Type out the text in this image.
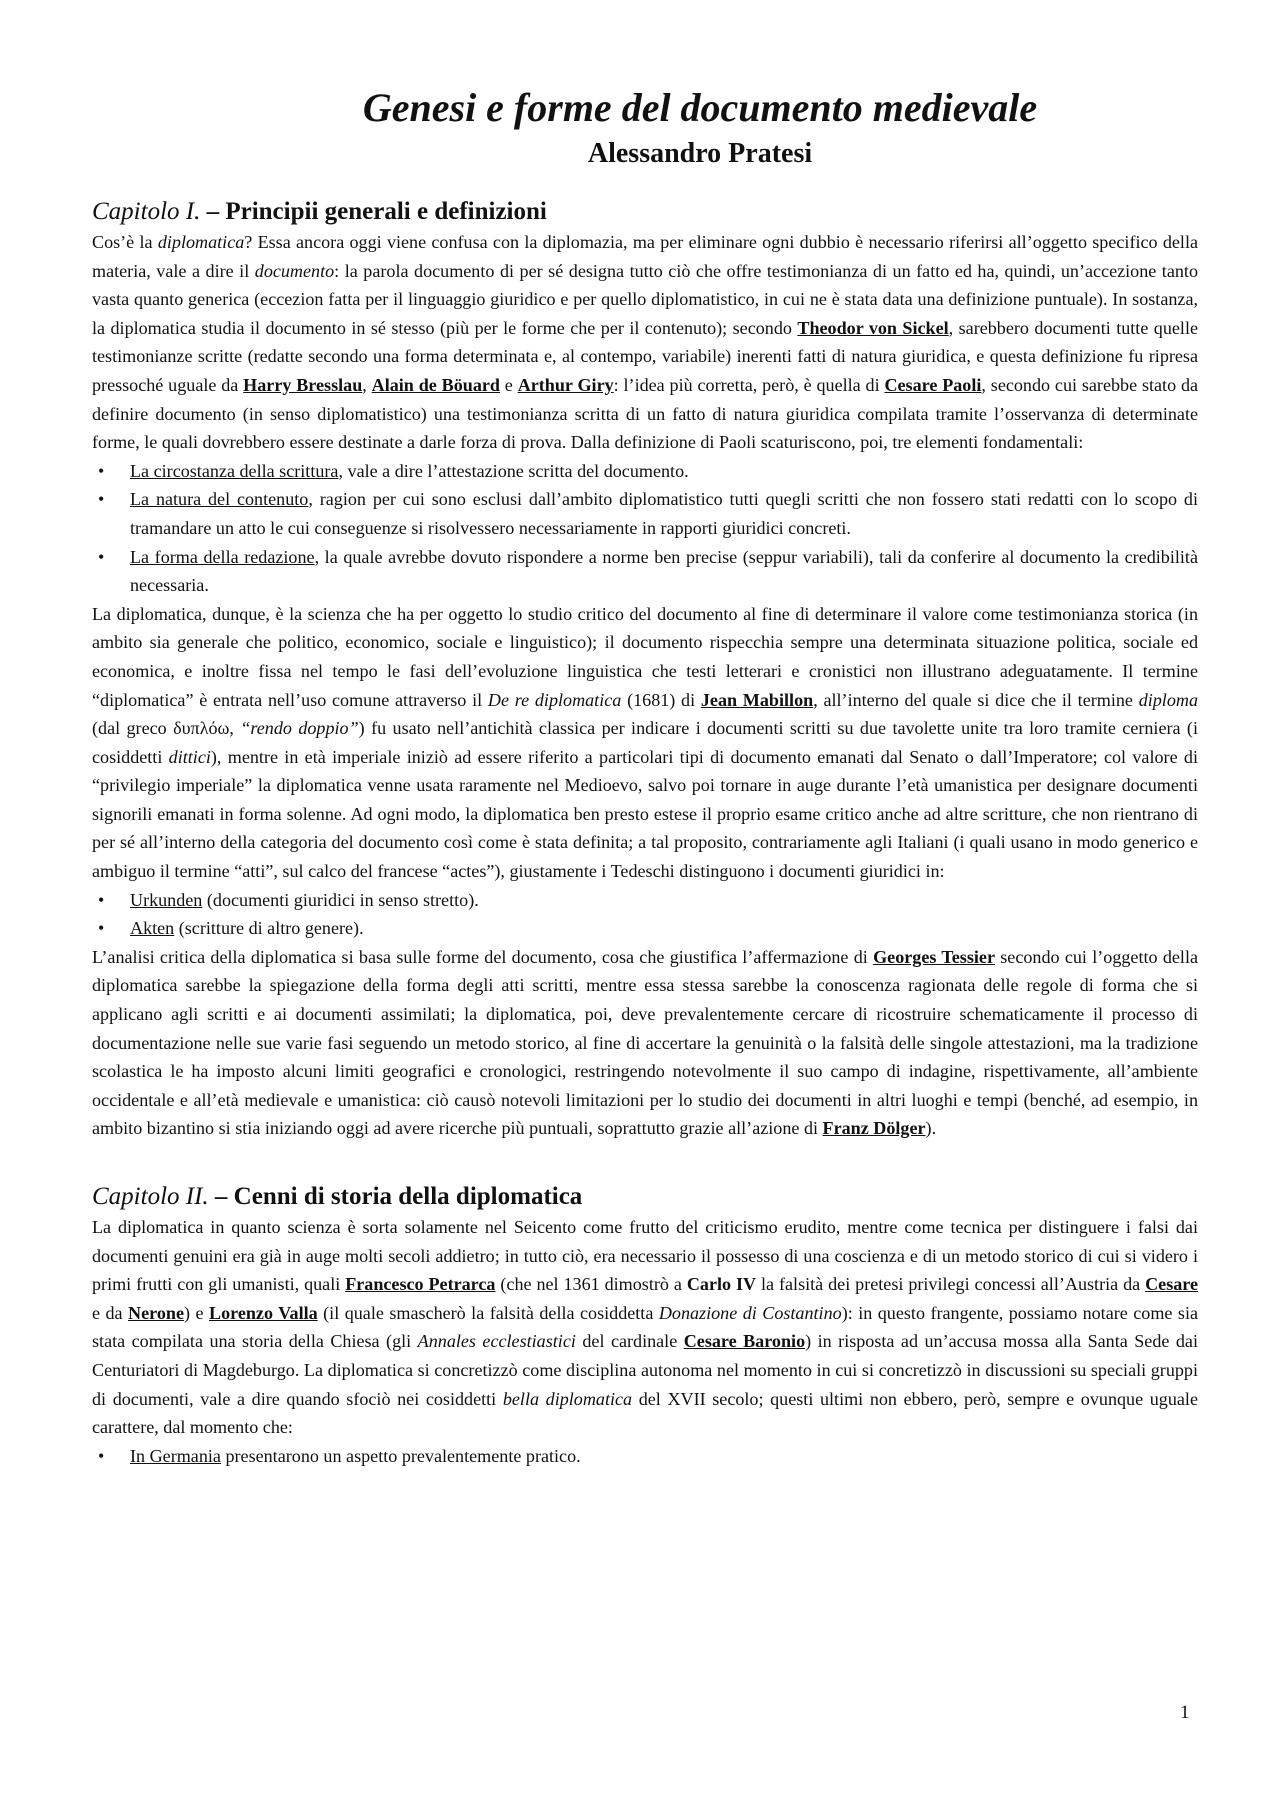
Genesi e forme del documento medievale
Alessandro Pratesi
Capitolo I. – Principii generali e definizioni

Cos’è la diplomatica? Essa ancora oggi viene confusa con la diplomazia, ma per eliminare ogni dubbio è necessario riferirsi all’oggetto specifico della materia, vale a dire il documento: la parola documento di per sé designa tutto ciò che offre testimonianza di un fatto ed ha, quindi, un’accezione tanto vasta quanto generica (eccezion fatta per il linguaggio giuridico e per quello diplomatistico, in cui ne è stata data una definizione puntuale). In sostanza, la diplomatica studia il documento in sé stesso (più per le forme che per il contenuto); secondo Theodor von Sickel, sarebbero documenti tutte quelle testimonianze scritte (redatte secondo una forma determinata e, al contempo, variabile) inerenti fatti di natura giuridica, e questa definizione fu ripresa pressoché uguale da Harry Bresslau, Alain de Böuard e Arthur Giry: l’idea più corretta, però, è quella di Cesare Paoli, secondo cui sarebbe stato da definire documento (in senso diplomatistico) una testimonianza scritta di un fatto di natura giuridica compilata tramite l’osservanza di determinate forme, le quali dovrebbero essere destinate a darle forza di prova. Dalla definizione di Paoli scaturiscono, poi, tre elementi fondamentali:

• La circostanza della scrittura, vale a dire l’attestazione scritta del documento.
• La natura del contenuto, ragion per cui sono esclusi dall’ambito diplomatistico tutti quegli scritti che non fossero stati redatti con lo scopo di tramandare un atto le cui conseguenze si risolvessero necessariamente in rapporti giuridici concreti.
• La forma della redazione, la quale avrebbe dovuto rispondere a norme ben precise (seppur variabili), tali da conferire al documento la credibilità necessaria.

La diplomatica, dunque, è la scienza che ha per oggetto lo studio critico del documento al fine di determinare il valore come testimonianza storica (in ambito sia generale che politico, economico, sociale e linguistico); il documento rispecchia sempre una determinata situazione politica, sociale ed economica, e inoltre fissa nel tempo le fasi dell’evoluzione linguistica che testi letterari e cronistici non illustrano adeguatamente. Il termine “diplomatica” è entrata nell’uso comune attraverso il De re diplomatica (1681) di Jean Mabillon, all’interno del quale si dice che il termine diploma (dal greco δυπλόω, “rendo doppio”) fu usato nell’antichità classica per indicare i documenti scritti su due tavolette unite tra loro tramite cerniera (i cosiddetti dittici), mentre in età imperiale iniziò ad essere riferito a particolari tipi di documento emanati dal Senato o dall’Imperatore; col valore di “privilegio imperiale” la diplomatica venne usata raramente nel Medioevo, salvo poi tornare in auge durante l’età umanistica per designare documenti signorili emanati in forma solenne. Ad ogni modo, la diplomatica ben presto estese il proprio esame critico anche ad altre scritture, che non rientrano di per sé all’interno della categoria del documento così come è stata definita; a tal proposito, contrariamente agli Italiani (i quali usano in modo generico e ambiguo il termine “atti”, sul calco del francese “actes”), giustamente i Tedeschi distinguono i documenti giuridici in:

• Urkunden (documenti giuridici in senso stretto).
• Akten (scritture di altro genere).

L’analisi critica della diplomatica si basa sulle forme del documento, cosa che giustifica l’affermazione di Georges Tessier secondo cui l’oggetto della diplomatica sarebbe la spiegazione della forma degli atti scritti, mentre essa stessa sarebbe la conoscenza ragionata delle regole di forma che si applicano agli scritti e ai documenti assimilati; la diplomatica, poi, deve prevalentemente cercare di ricostruire schematicamente il processo di documentazione nelle sue varie fasi seguendo un metodo storico, al fine di accertare la genuinità o la falsità delle singole attestazioni, ma la tradizione scolastica le ha imposto alcuni limiti geografici e cronologici, restringendo notevolmente il suo campo di indagine, rispettivamente, all’ambiente occidentale e all’età medievale e umanistica: ciò causò notevoli limitazioni per lo studio dei documenti in altri luoghi e tempi (benché, ad esempio, in ambito bizantino si stia iniziando oggi ad avere ricerche più puntuali, soprattutto grazie all’azione di Franz Dölger).

Capitolo II. – Cenni di storia della diplomatica

La diplomatica in quanto scienza è sorta solamente nel Seicento come frutto del criticismo erudito, mentre come tecnica per distinguere i falsi dai documenti genuini era già in auge molti secoli addietro; in tutto ciò, era necessario il possesso di una coscienza e di un metodo storico di cui si videro i primi frutti con gli umanisti, quali Francesco Petrarca (che nel 1361 dimostrò a Carlo IV la falsità dei pretesi privilegi concessi all’Austria da Cesare e da Nerone) e Lorenzo Valla (il quale smascherò la falsità della cosiddetta Donazione di Costantino): in questo frangente, possiamo notare come sia stata compilata una storia della Chiesa (gli Annales ecclestiastici del cardinale Cesare Baronio) in risposta ad un’accusa mossa alla Santa Sede dai Centuriatori di Magdeburgo. La diplomatica si concretizzò come disciplina autonoma nel momento in cui si concretizzò in discussioni su speciali gruppi di documenti, vale a dire quando sfociò nei cosiddetti bella diplomatica del XVII secolo; questi ultimi non ebbero, però, sempre e ovunque uguale carattere, dal momento che:

• In Germania presentarono un aspetto prevalentemente pratico.
1
